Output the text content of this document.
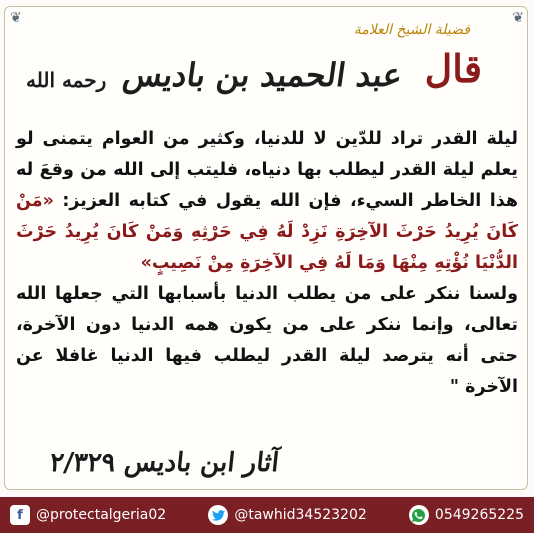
❦	❦
فضيلة الشيخ العلامة
قال
عبد الحميد بن باديس
رحمه الله

ليلة القدر تراد للدّين لا للدنيا، وكثير من العوام يتمنى لو يعلم ليلة القدر ليطلب بها دنياه، فليتب إلى الله من وقعَ له هذا الخاطر السيء، فإن الله يقول في كتابه العزيز: «مَنْ كَانَ يُرِيدُ حَرْثَ الآخِرَةِ نَزِدْ لَهُ فِي حَرْثِهِ وَمَنْ كَانَ يُرِيدُ حَرْثَ الدُّنْيَا نُؤْتِهِ مِنْهَا وَمَا لَهُ فِي الآخِرَةِ مِنْ نَصِيبٍ»

ولسنا ننكر على من يطلب الدنيا بأسبابها التي جعلها الله تعالى، وإنما ننكر على من يكون همه الدنيا دون الآخرة، حتى أنه يترصد ليلة القدر ليطلب فيها الدنيا غافلا عن الآخرة "

آثار ابن باديس ٢/٣٢٩
f @protectalgeria02	@tawhid34523202	0549265225
